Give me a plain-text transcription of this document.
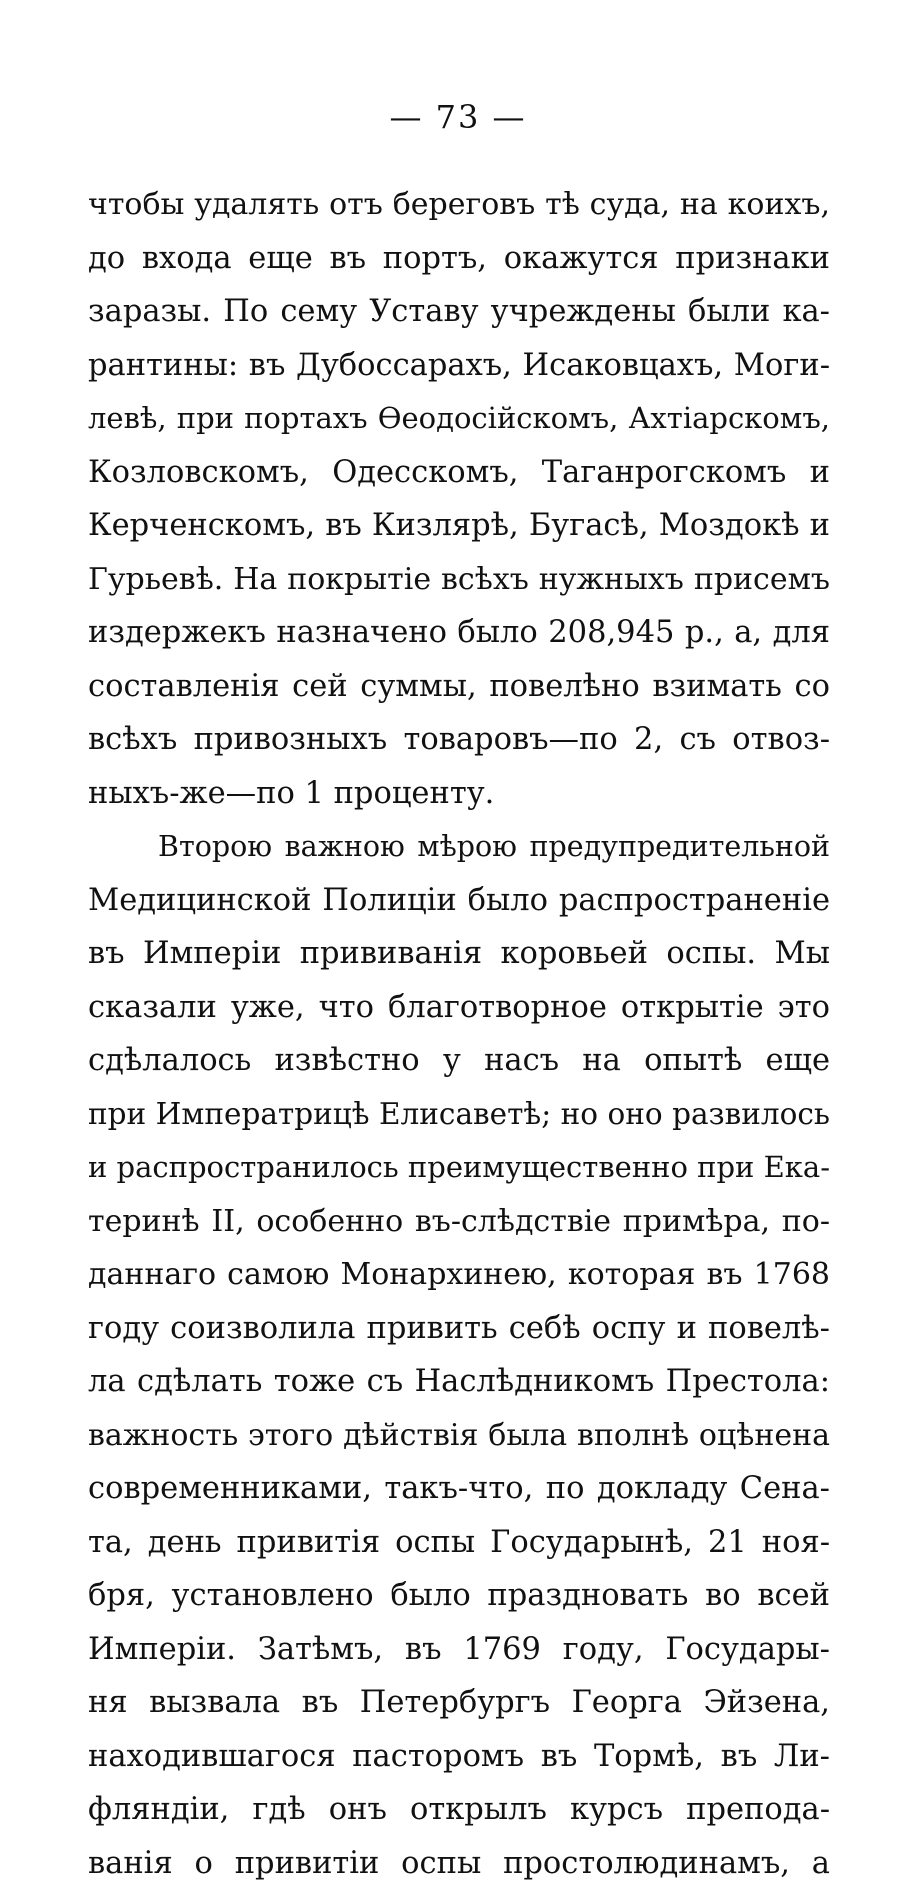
— 73 —
чтобы удалять отъ береговъ тѣ суда, на коихъ,
до входа еще въ портъ, окажутся признаки
заразы. По сему Уставу учреждены были ка-
рантины: въ Дубоссарахъ, Исаковцахъ, Моги-
левѣ, при портахъ Ѳеодосійскомъ, Ахтіарскомъ,
Козловскомъ, Одесскомъ, Таганрогскомъ и
Керченскомъ, въ Кизлярѣ, Бугасѣ, Моздокѣ и
Гурьевѣ. На покрытіе всѣхъ нужныхъ присемъ
издержекъ назначено было 208,945 р., а, для
составленія сей суммы, повелѣно взимать со
всѣхъ привозныхъ товаровъ—по 2, съ отвоз-
ныхъ-же—по 1 проценту.
Второю важною мѣрою предупредительной
Медицинской Полиціи было распространеніе
въ Имперіи прививанія коровьей оспы. Мы
сказали уже, что благотворное открытіе это
сдѣлалось извѣстно у насъ на опытѣ еще
при Императрицѣ Елисаветѣ; но оно развилось
и распространилось преимущественно при Ека-
теринѣ II, особенно въ-слѣдствіе примѣра, по-
даннаго самою Монархинею, которая въ 1768
году соизволила привить себѣ оспу и повелѣ-
ла сдѣлать тоже съ Наслѣдникомъ Престола:
важность этого дѣйствія была вполнѣ оцѣнена
современниками, такъ-что, по докладу Сена-
та, день привитія оспы Государынѣ, 21 ноя-
бря, установлено было праздновать во всей
Имперіи. Затѣмъ, въ 1769 году, Государы-
ня вызвала въ Петербургъ Георга Эйзена,
находившагося пасторомъ въ Тормѣ, въ Ли-
фляндіи, гдѣ онъ открылъ курсъ препода-
ванія о привитіи оспы простолюдинамъ, а
